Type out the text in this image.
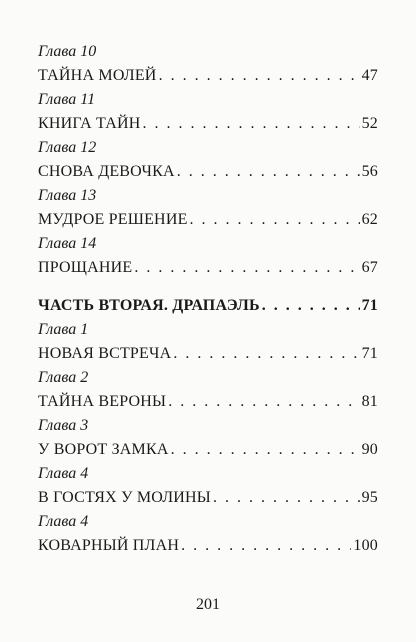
Глава 10
ТАЙНА МОЛЕЙ . . .	47
Глава 11
КНИГА ТАЙН . . .	52
Глава 12
СНОВА ДЕВОЧКА . . .	56
Глава 13
МУДРОЕ РЕШЕНИЕ . . .	62
Глава 14
ПРОЩАНИЕ . . .	67
ЧАСТЬ ВТОРАЯ. ДРАПАЭЛЬ . . .	71
Глава 1
НОВАЯ ВСТРЕЧА . . .	71
Глава 2
ТАЙНА ВЕРОНЫ . . .	81
Глава 3
У ВОРОТ ЗАМКА . . .	90
Глава 4
В ГОСТЯХ У МОЛИНЫ . . .	95
Глава 4
КОВАРНЫЙ ПЛАН . . .	100
201
